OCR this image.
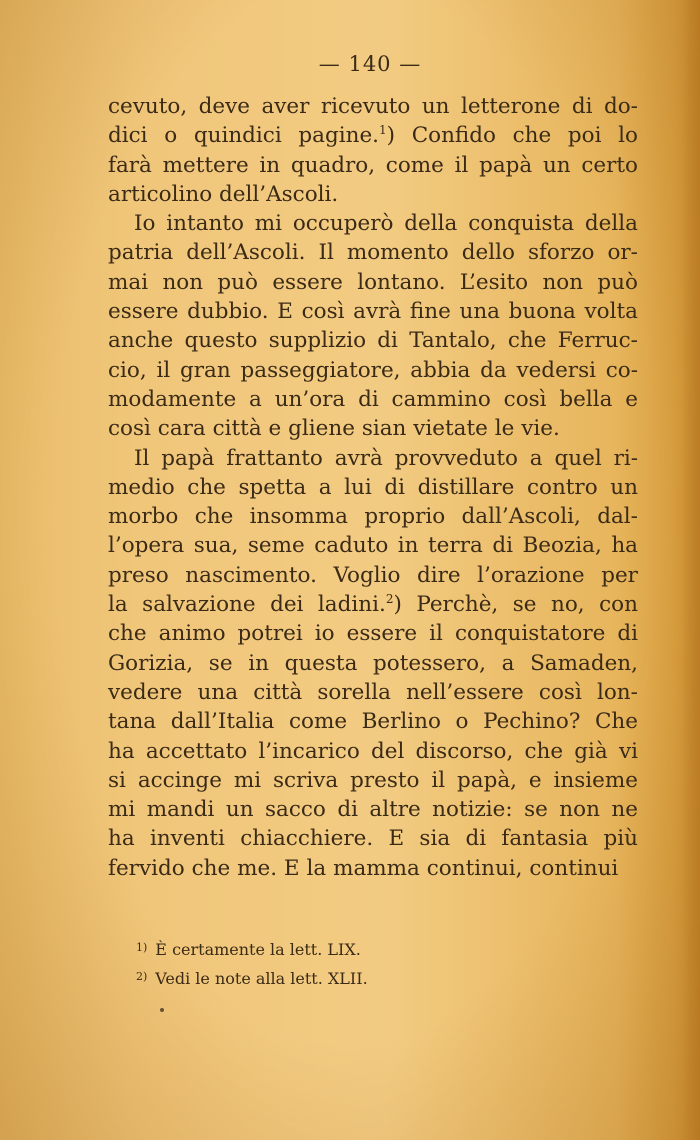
— 140 —
cevuto, deve aver ricevuto un letterone di do-
dici o quindici pagine.$^1$) Confido che poi lo
farà mettere in quadro, come il papà un certo
articolino dell’Ascoli.
Io intanto mi occuperò della conquista della
patria dell’Ascoli. Il momento dello sforzo or-
mai non può essere lontano. L’esito non può
essere dubbio. E così avrà fine una buona volta
anche questo supplizio di Tantalo, che Ferruc-
cio, il gran passeggiatore, abbia da vedersi co-
modamente a un’ora di cammino così bella e
così cara città e gliene sian vietate le vie.
Il papà frattanto avrà provveduto a quel ri-
medio che spetta a lui di distillare contro un
morbo che insomma proprio dall’Ascoli, dal-
l’opera sua, seme caduto in terra di Beozia, ha
preso nascimento. Voglio dire l’orazione per
la salvazione dei ladini.$^2$) Perchè, se no, con
che animo potrei io essere il conquistatore di
Gorizia, se in questa potessero, a Samaden,
vedere una città sorella nell’essere così lon-
tana dall’Italia come Berlino o Pechino? Che
ha accettato l’incarico del discorso, che già vi
si accinge mi scriva presto il papà, e insieme
mi mandi un sacco di altre notizie: se non ne
ha inventi chiacchiere. E sia di fantasia più
fervido che me. E la mamma continui, continui
$^{1)}$ È certamente la lett. LIX.
$^{2)}$ Vedi le note alla lett. XLII.
